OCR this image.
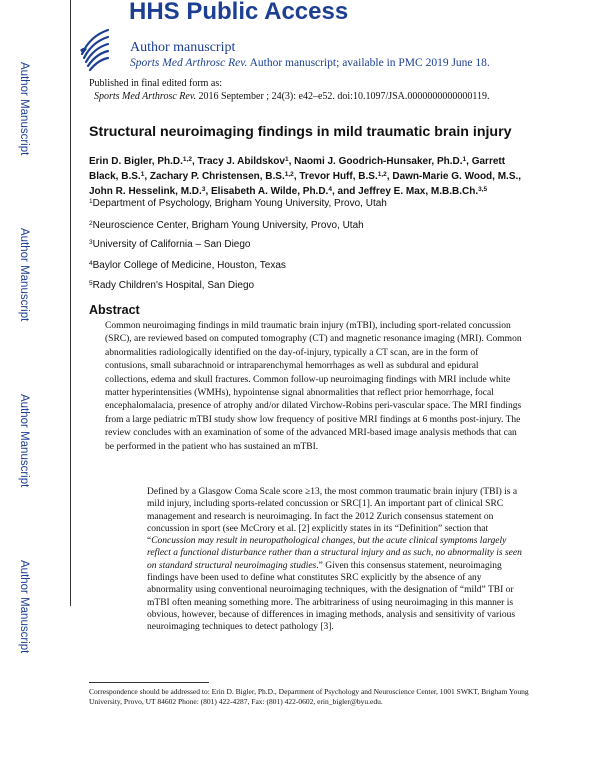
Author Manuscript
Author Manuscript
Author Manuscript
Author Manuscript
HHS Public Access
Author manuscript
Sports Med Arthrosc Rev. Author manuscript; available in PMC 2019 June 18.
Published in final edited form as:
Sports Med Arthrosc Rev. 2016 September ; 24(3): e42–e52. doi:10.1097/JSA.0000000000000119.
Structural neuroimaging findings in mild traumatic brain injury
Erin D. Bigler, Ph.D.$^{1,2}$, Tracy J. Abildskov$^1$, Naomi J. Goodrich-Hunsaker, Ph.D.$^1$, Garrett Black, B.S.$^1$, Zachary P. Christensen, B.S.$^{1,2}$, Trevor Huff, B.S.$^{1,2}$, Dawn-Marie G. Wood, M.S., John R. Hesselink, M.D.$^3$, Elisabeth A. Wilde, Ph.D.$^4$, and Jeffrey E. Max, M.B.B.Ch.$^{3,5}$
$^1$Department of Psychology, Brigham Young University, Provo, Utah
$^2$Neuroscience Center, Brigham Young University, Provo, Utah
$^3$University of California – San Diego
$^4$Baylor College of Medicine, Houston, Texas
$^5$Rady Children's Hospital, San Diego
Abstract
Common neuroimaging findings in mild traumatic brain injury (mTBI), including sport-related concussion (SRC), are reviewed based on computed tomography (CT) and magnetic resonance imaging (MRI). Common abnormalities radiologically identified on the day-of-injury, typically a CT scan, are in the form of contusions, small subarachnoid or intraparenchymal hemorrhages as well as subdural and epidural collections, edema and skull fractures. Common follow-up neuroimaging findings with MRI include white matter hyperintensities (WMHs), hypointense signal abnormalities that reflect prior hemorrhage, focal encephalomalacia, presence of atrophy and/or dilated Virchow-Robins peri-vascular space. The MRI findings from a large pediatric mTBI study show low frequency of positive MRI findings at 6 months post-injury. The review concludes with an examination of some of the advanced MRI-based image analysis methods that can be performed in the patient who has sustained an mTBI.
Defined by a Glasgow Coma Scale score ≥13, the most common traumatic brain injury (TBI) is a mild injury, including sports-related concussion or SRC[1]. An important part of clinical SRC management and research is neuroimaging. In fact the 2012 Zurich consensus statement on concussion in sport (see McCrory et al. [2] explicitly states in its “Definition” section that “Concussion may result in neuropathological changes, but the acute clinical symptoms largely reflect a functional disturbance rather than a structural injury and as such, no abnormality is seen on standard structural neuroimaging studies.” Given this consensus statement, neuroimaging findings have been used to define what constitutes SRC explicitly by the absence of any abnormality using conventional neuroimaging techniques, with the designation of “mild” TBI or mTBI often meaning something more. The arbitrariness of using neuroimaging in this manner is obvious, however, because of differences in imaging methods, analysis and sensitivity of various neuroimaging techniques to detect pathology [3].
Correspondence should be addressed to: Erin D. Bigler, Ph.D., Department of Psychology and Neuroscience Center, 1001 SWKT, Brigham Young University, Provo, UT 84602 Phone: (801) 422-4287, Fax: (801) 422-0602, erin_bigler@byu.edu.
